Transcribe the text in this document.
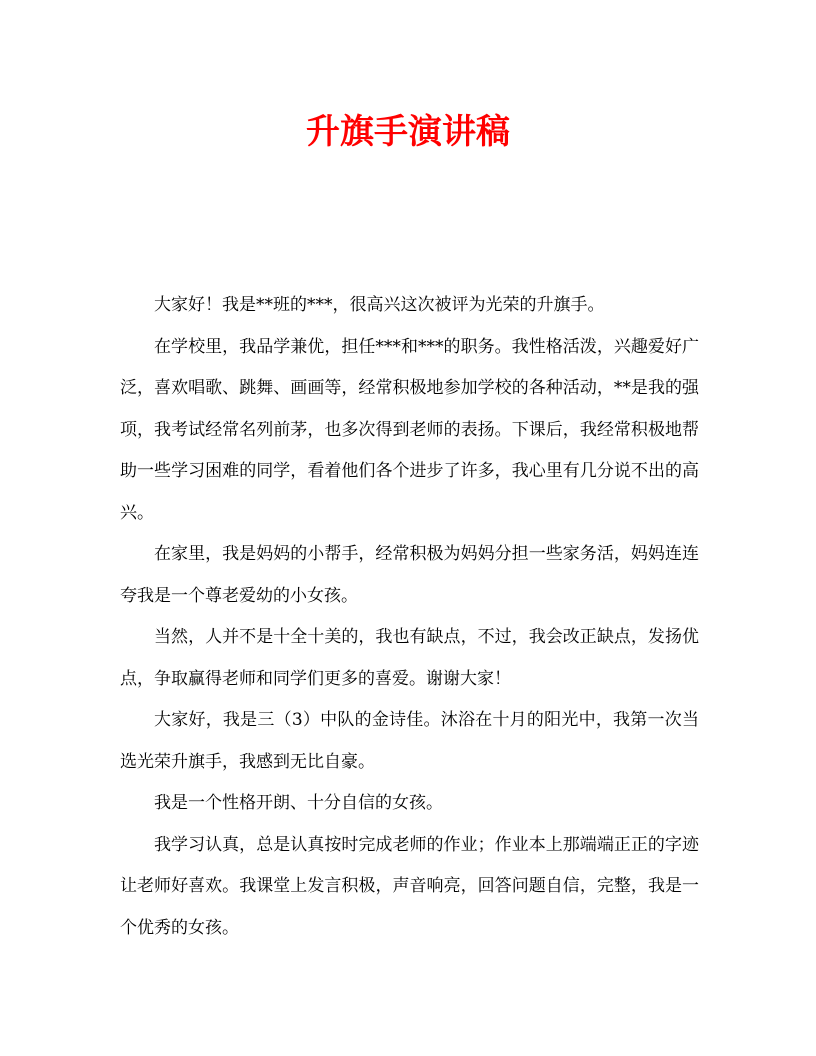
升旗手演讲稿

大家好！我是**班的***，很高兴这次被评为光荣的升旗手。

在学校里，我品学兼优，担任***和***的职务。我性格活泼，兴趣爱好广泛，喜欢唱歌、跳舞、画画等，经常积极地参加学校的各种活动，**是我的强项，我考试经常名列前茅，也多次得到老师的表扬。下课后，我经常积极地帮助一些学习困难的同学，看着他们各个进步了许多，我心里有几分说不出的高兴。

在家里，我是妈妈的小帮手，经常积极为妈妈分担一些家务活，妈妈连连夸我是一个尊老爱幼的小女孩。

当然，人并不是十全十美的，我也有缺点，不过，我会改正缺点，发扬优点，争取赢得老师和同学们更多的喜爱。谢谢大家！

大家好，我是三（3）中队的金诗佳。沐浴在十月的阳光中，我第一次当选光荣升旗手，我感到无比自豪。

我是一个性格开朗、十分自信的女孩。

我学习认真，总是认真按时完成老师的作业；作业本上那端端正正的字迹让老师好喜欢。我课堂上发言积极，声音响亮，回答问题自信，完整，我是一个优秀的女孩。
